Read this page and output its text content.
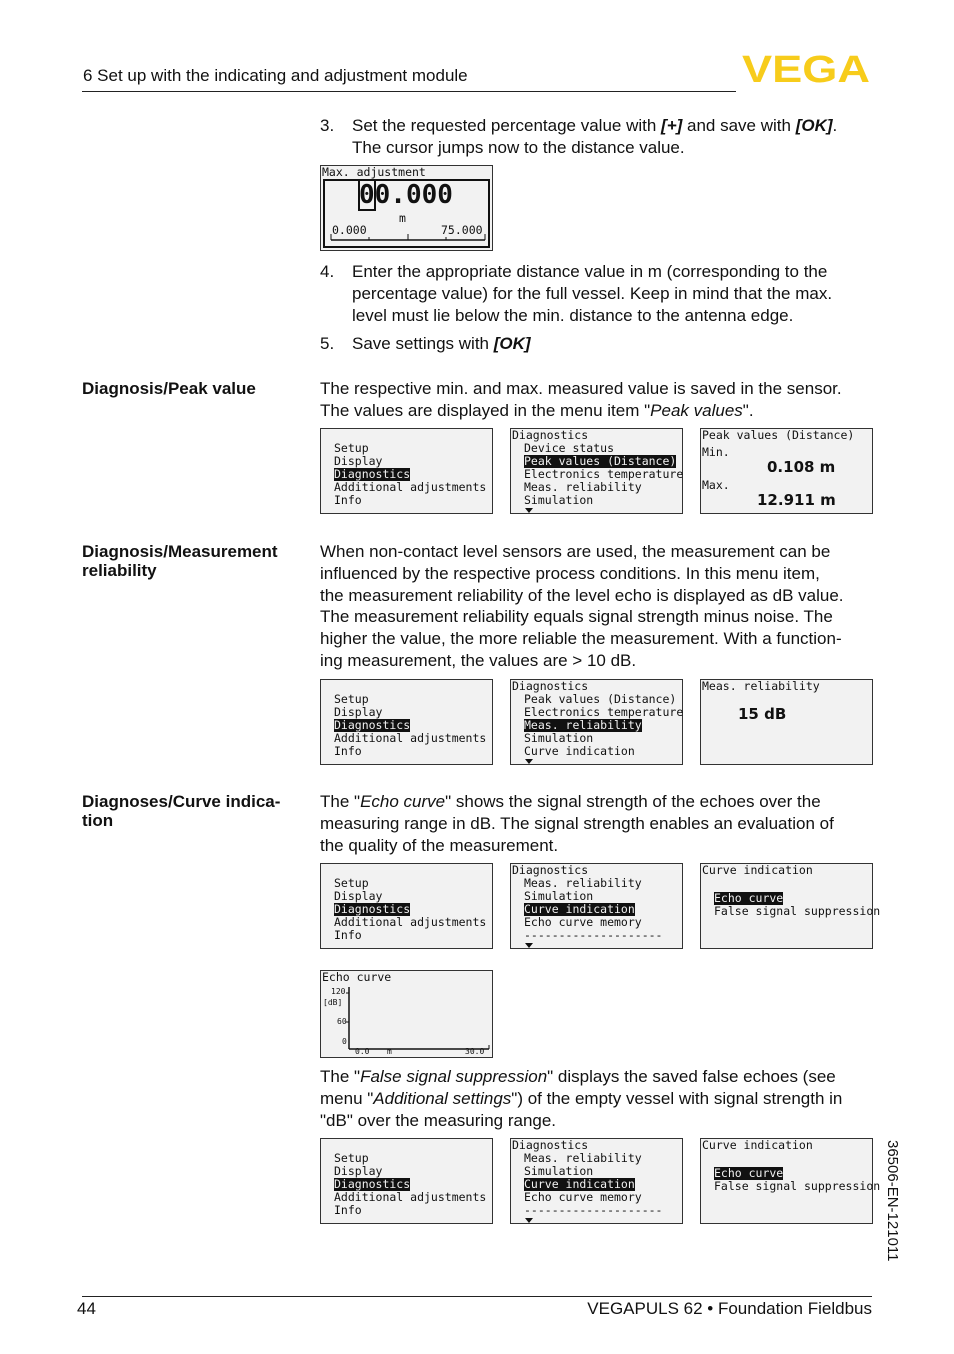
6 Set up with the indicating and adjustment module	VEGA
3. Set the requested percentage value with [+] and save with [OK].
The cursor jumps now to the distance value.
Max. adjustment
00.000
m
0.000	75.000
4. Enter the appropriate distance value in m (corresponding to the
percentage value) for the full vessel. Keep in mind that the max.
level must lie below the min. distance to the antenna edge.
5. Save settings with [OK]
Diagnosis/Peak value	The respective min. and max. measured value is saved in the sensor.
The values are displayed in the menu item "Peak values".
Setup
Display
Diagnostics
Additional adjustments
Info
Diagnostics
Device status
Peak values (Distance)
Electronics temperature
Meas. reliability
Simulation
Peak values (Distance)
Min.
0.108 m
Max.
12.911 m
Diagnosis/Measurement
reliability
When non-contact level sensors are used, the measurement can be
influenced by the respective process conditions. In this menu item,
the measurement reliability of the level echo is displayed as dB value.
The measurement reliability equals signal strength minus noise. The
higher the value, the more reliable the measurement. With a function-
ing measurement, the values are > 10 dB.
Setup
Display
Diagnostics
Additional adjustments
Info
Diagnostics
Peak values (Distance)
Electronics temperature
Meas. reliability
Simulation
Curve indication
Meas. reliability
15 dB
Diagnoses/Curve indica-
tion
The "Echo curve" shows the signal strength of the echoes over the
measuring range in dB. The signal strength enables an evaluation of
the quality of the measurement.
Setup
Display
Diagnostics
Additional adjustments
Info
Diagnostics
Meas. reliability
Simulation
Curve indication
Echo curve memory
--------------------
Curve indication
Echo curve
False signal suppression
Echo curve
120
[dB]
60
0
0.0 m	30.0
The "False signal suppression" displays the saved false echoes (see
menu "Additional settings") of the empty vessel with signal strength in
"dB" over the measuring range.
Setup
Display
Diagnostics
Additional adjustments
Info
Diagnostics
Meas. reliability
Simulation
Curve indication
Echo curve memory
--------------------
Curve indication
Echo curve
False signal suppression 36506-EN-121011
44	VEGAPULS 62 • Foundation Fieldbus
